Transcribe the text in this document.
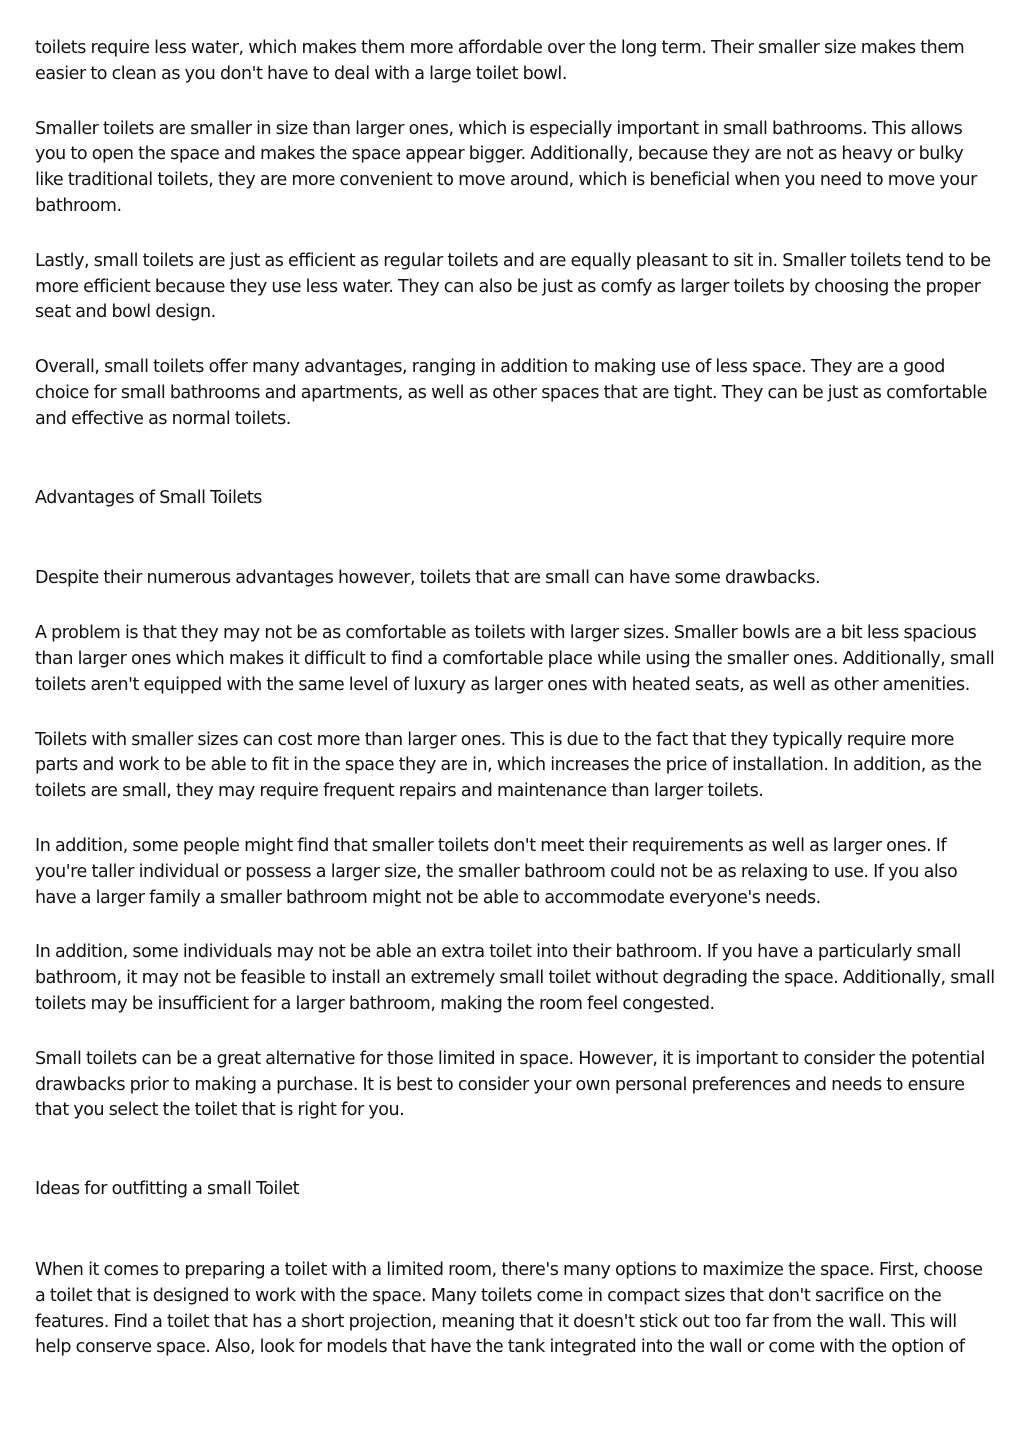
toilets require less water, which makes them more affordable over the long term. Their smaller size makes them easier to clean as you don't have to deal with a large toilet bowl.

Smaller toilets are smaller in size than larger ones, which is especially important in small bathrooms. This allows you to open the space and makes the space appear bigger. Additionally, because they are not as heavy or bulky like traditional toilets, they are more convenient to move around, which is beneficial when you need to move your bathroom.

Lastly, small toilets are just as efficient as regular toilets and are equally pleasant to sit in. Smaller toilets tend to be more efficient because they use less water. They can also be just as comfy as larger toilets by choosing the proper seat and bowl design.

Overall, small toilets offer many advantages, ranging in addition to making use of less space. They are a good choice for small bathrooms and apartments, as well as other spaces that are tight. They can be just as comfortable and effective as normal toilets.

Advantages of Small Toilets

Despite their numerous advantages however, toilets that are small can have some drawbacks.

A problem is that they may not be as comfortable as toilets with larger sizes. Smaller bowls are a bit less spacious than larger ones which makes it difficult to find a comfortable place while using the smaller ones. Additionally, small toilets aren't equipped with the same level of luxury as larger ones with heated seats, as well as other amenities.

Toilets with smaller sizes can cost more than larger ones. This is due to the fact that they typically require more parts and work to be able to fit in the space they are in, which increases the price of installation. In addition, as the toilets are small, they may require frequent repairs and maintenance than larger toilets.

In addition, some people might find that smaller toilets don't meet their requirements as well as larger ones. If you're taller individual or possess a larger size, the smaller bathroom could not be as relaxing to use. If you also have a larger family a smaller bathroom might not be able to accommodate everyone's needs.

In addition, some individuals may not be able an extra toilet into their bathroom. If you have a particularly small bathroom, it may not be feasible to install an extremely small toilet without degrading the space. Additionally, small toilets may be insufficient for a larger bathroom, making the room feel congested.

Small toilets can be a great alternative for those limited in space. However, it is important to consider the potential drawbacks prior to making a purchase. It is best to consider your own personal preferences and needs to ensure that you select the toilet that is right for you.

Ideas for outfitting a small Toilet

When it comes to preparing a toilet with a limited room, there's many options to maximize the space. First, choose a toilet that is designed to work with the space. Many toilets come in compact sizes that don't sacrifice on the features. Find a toilet that has a short projection, meaning that it doesn't stick out too far from the wall. This will help conserve space. Also, look for models that have the tank integrated into the wall or come with the option of
